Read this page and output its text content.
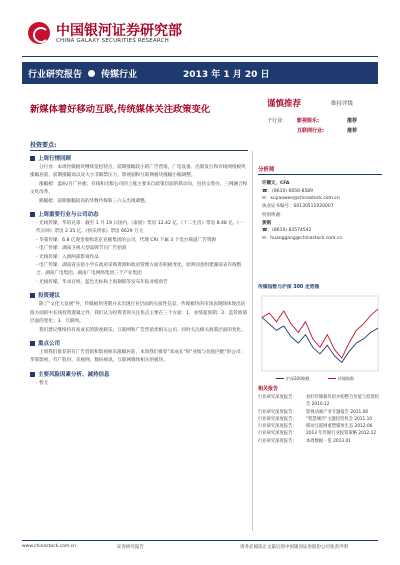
中国银河证券研究部
CHINA GALAXY SECURITIES RESEARCH
行业研究报告 传媒行业	2013 年 1 月 20 日
新媒体着好移动互联,传统媒体关注政策变化	谨慎推荐	维持评级
子行业:	影视娱乐:	推荐
互联网行业:	推荐
投资要点:
上周行情回顾

分行业：本周传媒板块继续宽松特点，前期涨幅较小的广告营销、广电设备、出版发行和有线网络板块涨幅居前，前期涨幅高以及大小非解禁压力，影视剧和互联网板块涨幅小幅调整。

涨幅榜：蓝标/百广补涨；有线和出版公司的上涨主要来自政策层面的新动向，包括文资办、三网融合和文化改革。

跌幅榜：前期涨幅较高的华数传媒和三六五出现调整。

上周重要行业与公司动态
- 光线传媒，华谊兄弟：截至 1 月 19 日国内,《泰囧》票房 12.42 亿,《十二生肖》票房 8.48 亿,《一代宗师》票房 2.35 亿,《快乐到家》票房 6629 万元
- 华策传媒：6.8 亿现金收购北京克顿集团的公司，代理 CRI 下属 3 个电台频道广告资源
- 电广传媒：湖南卫视大型品牌节目广告招商
- 光线传媒：入围两部影视作品
- 电广传媒：湖南省实验小学在政府采购资源和政府管理方面有积极变化，原则同意组建湖南省有线整合，湖南广电集团、湖南广电网络集团三个产业集团
- 光线传媒、华录百纳、蓝色光标和上海钢联等发布年报业绩预告
投资建议

除了"文化大发展"外，传媒板块进期并未出现行业层面的实质性信息，传媒板块的市场表现除体现出估值方面的中长线投资逻辑之外，我们认为投资者的关注焦点主要在三个方面：1．业绩超预期；2．监管政策层面的变化；3．互联网。

我们建议继续持有高成长的影视娱乐、互联网和广告营销类相关公司，同时关注相关政策层面的变化。

重点公司

上周我们推荐的有广告营销和影视娱乐涨幅居前，本周我们推荐"高成长"和"业绩与估值匹配"的公司：华策影视，有广股份，乐视网，数码视讯，互联网媒体相关的板块。

主要风险因素分析、减持信息
- 暂无
分析师
许耀文，CFA
☎：(8610) 6656-8589
✉：xuyaowen@chinastock.com.cn
执业证书编号：S0130511020007
特别鸣谢：
黄钢
☎：(8610) 83574542
✉：huanggang@chinastock.com.cn
传媒指数与沪深 300 走势图
沪深300指数	传媒指数
相关报告
行业研究深度报告：	看好传媒板块的并购整合价值与投资机会 2010.12
行业研究深度报告：	影视动画产业专题报告 2011.06
行业研究深度报告：	"智慧城市"主题投资机会 2011.10
行业研究深度报告：	移动互联网重塑媒体生态 2012.06
行业研究深度报告：	2013 年传媒行业投资策略 2012.12
行业研究深度报告：	本周数据一览 2013.01
www.chinastock.com.cn	证券研究报告	请务必阅读正文最后的中国银河证券股份公司免责声明
